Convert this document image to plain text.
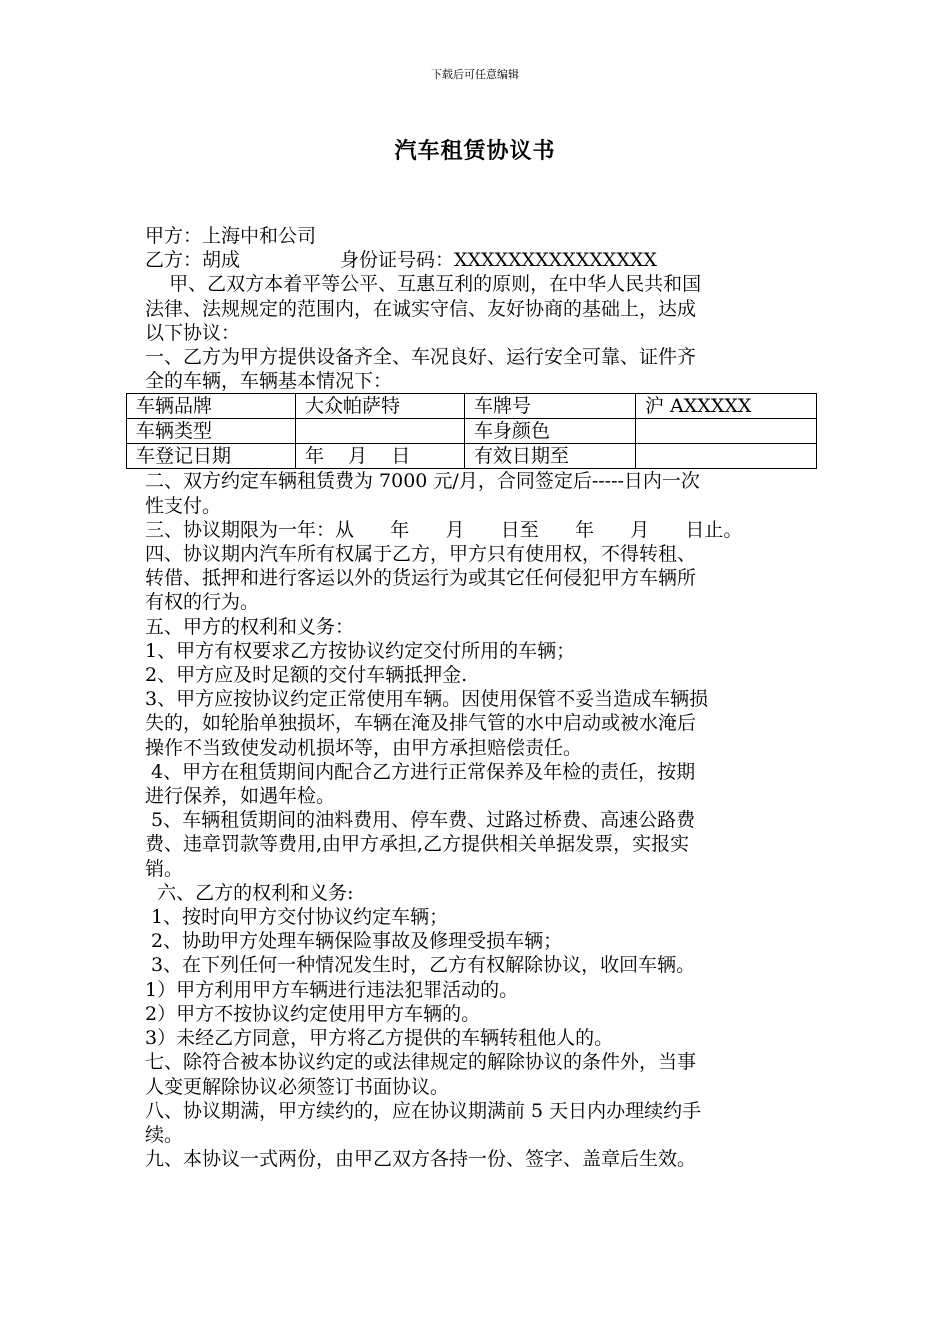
下载后可任意编辑
汽车租赁协议书

甲方：上海中和公司

乙方：胡成	身份证号码：XXXXXXXXXXXXXXX

甲、乙双方本着平等公平、互惠互利的原则，在中华人民共和国

法律、法规规定的范围内，在诚实守信、友好协商的基础上，达成

以下协议：

一、乙方为甲方提供设备齐全、车况良好、运行安全可靠、证件齐

全的车辆，车辆基本情况下：

车辆品牌	大众帕萨特	车牌号	沪 AXXXXX
车辆类型		车身颜色	
车登记日期	年    月    日	有效日期至	

二、双方约定车辆租赁费为 7000 元/月，合同签定后-----日内一次

性支付。

三、协议期限为一年：从      年      月      日至      年      月      日止。

四、协议期内汽车所有权属于乙方，甲方只有使用权，不得转租、

转借、抵押和进行客运以外的货运行为或其它任何侵犯甲方车辆所

有权的行为。

五、甲方的权利和义务：

1、甲方有权要求乙方按协议约定交付所用的车辆；

2、甲方应及时足额的交付车辆抵押金.

3、甲方应按协议约定正常使用车辆。因使用保管不妥当造成车辆损

失的，如轮胎单独损坏，车辆在淹及排气管的水中启动或被水淹后

操作不当致使发动机损坏等，由甲方承担赔偿责任。

4、甲方在租赁期间内配合乙方进行正常保养及年检的责任，按期

进行保养，如遇年检。

5、车辆租赁期间的油料费用、停车费、过路过桥费、高速公路费

费、违章罚款等费用,由甲方承担,乙方提供相关单据发票，实报实

销。

六、乙方的权利和义务:

1、按时向甲方交付协议约定车辆；

2、协助甲方处理车辆保险事故及修理受损车辆；

3、在下列任何一种情况发生时，乙方有权解除协议，收回车辆。

1）甲方利用甲方车辆进行违法犯罪活动的。

2）甲方不按协议约定使用甲方车辆的。

3）未经乙方同意，甲方将乙方提供的车辆转租他人的。

七、除符合被本协议约定的或法律规定的解除协议的条件外，当事

人变更解除协议必须签订书面协议。

八、协议期满，甲方续约的，应在协议期满前 5 天日内办理续约手

续。

九、本协议一式两份，由甲乙双方各持一份、签字、盖章后生效。
